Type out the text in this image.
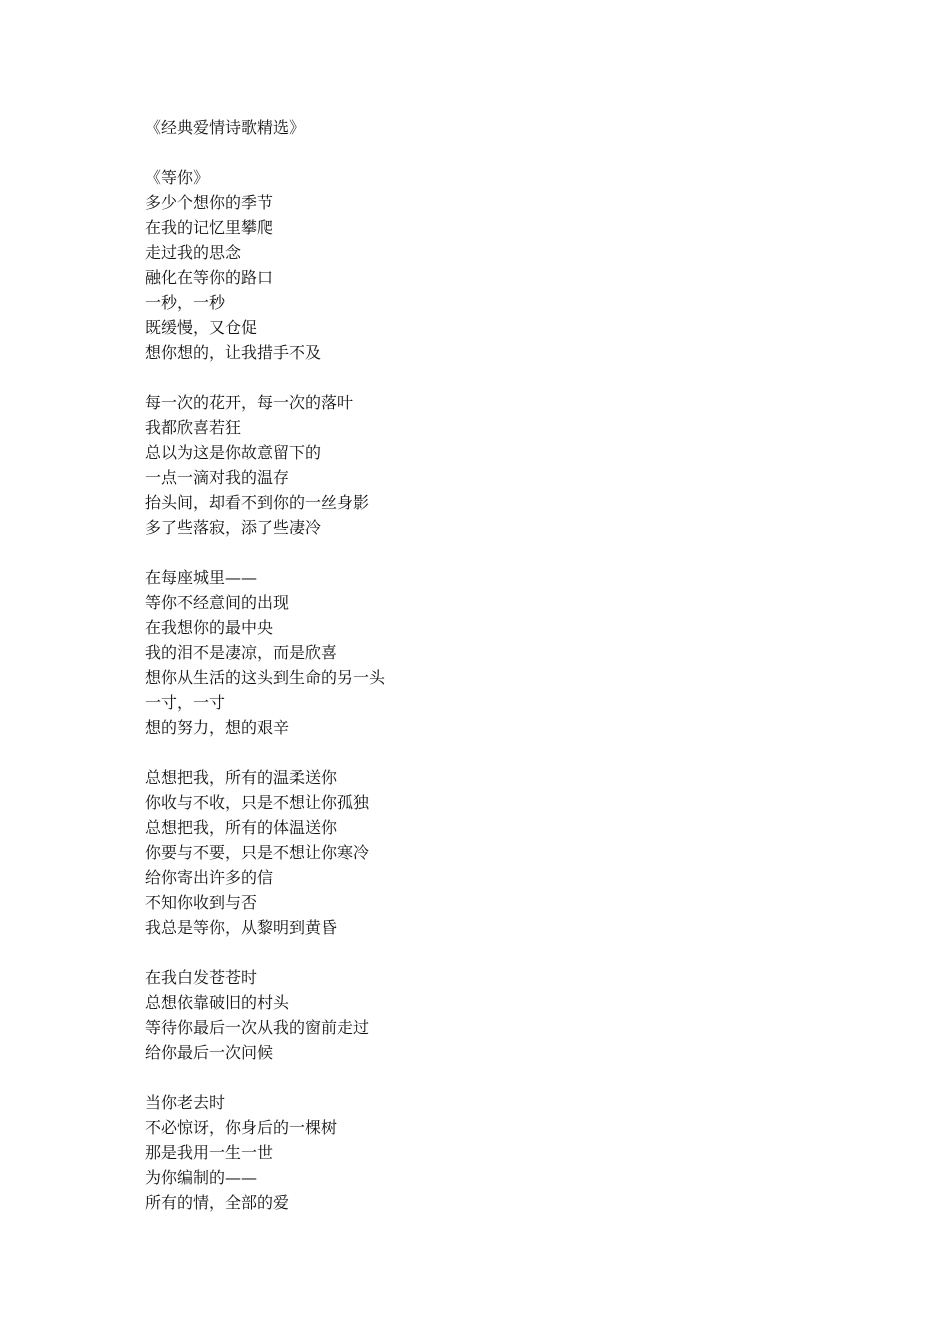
《经典爱情诗歌精选》
《等你》
多少个想你的季节
在我的记忆里攀爬
走过我的思念
融化在等你的路口
一秒，一秒
既缓慢，又仓促
想你想的，让我措手不及
每一次的花开，每一次的落叶
我都欣喜若狂
总以为这是你故意留下的
一点一滴对我的温存
抬头间，却看不到你的一丝身影
多了些落寂，添了些凄冷
在每座城里——
等你不经意间的出现
在我想你的最中央
我的泪不是凄凉，而是欣喜
想你从生活的这头到生命的另一头
一寸，一寸
想的努力，想的艰辛
总想把我，所有的温柔送你
你收与不收，只是不想让你孤独
总想把我，所有的体温送你
你要与不要，只是不想让你寒冷
给你寄出许多的信
不知你收到与否
我总是等你，从黎明到黄昏
在我白发苍苍时
总想依靠破旧的村头
等待你最后一次从我的窗前走过
给你最后一次问候
当你老去时
不必惊讶，你身后的一棵树
那是我用一生一世
为你编制的——
所有的情，全部的爱
